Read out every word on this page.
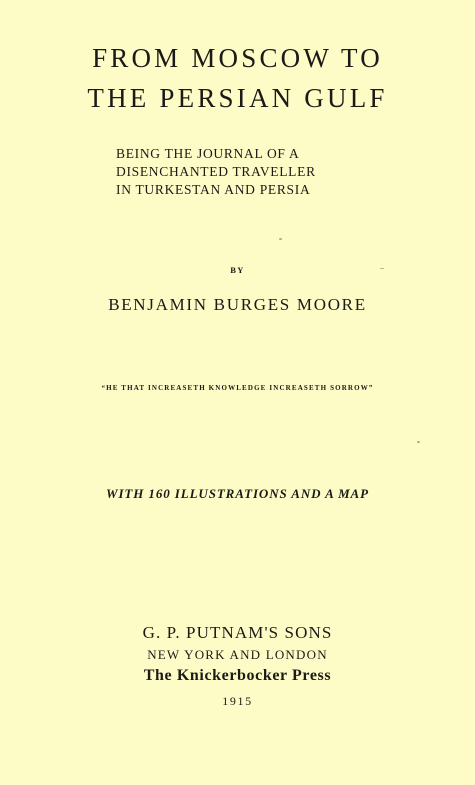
FROM MOSCOW TO
THE PERSIAN GULF
BEING THE JOURNAL OF A
DISENCHANTED TRAVELLER
IN TURKESTAN AND PERSIA
BY
BENJAMIN BURGES MOORE
“HE THAT INCREASETH KNOWLEDGE INCREASETH SORROW”
WITH 160 ILLUSTRATIONS AND A MAP
G. P. PUTNAM'S SONS
NEW YORK AND LONDON
The Knickerbocker Press
1915
